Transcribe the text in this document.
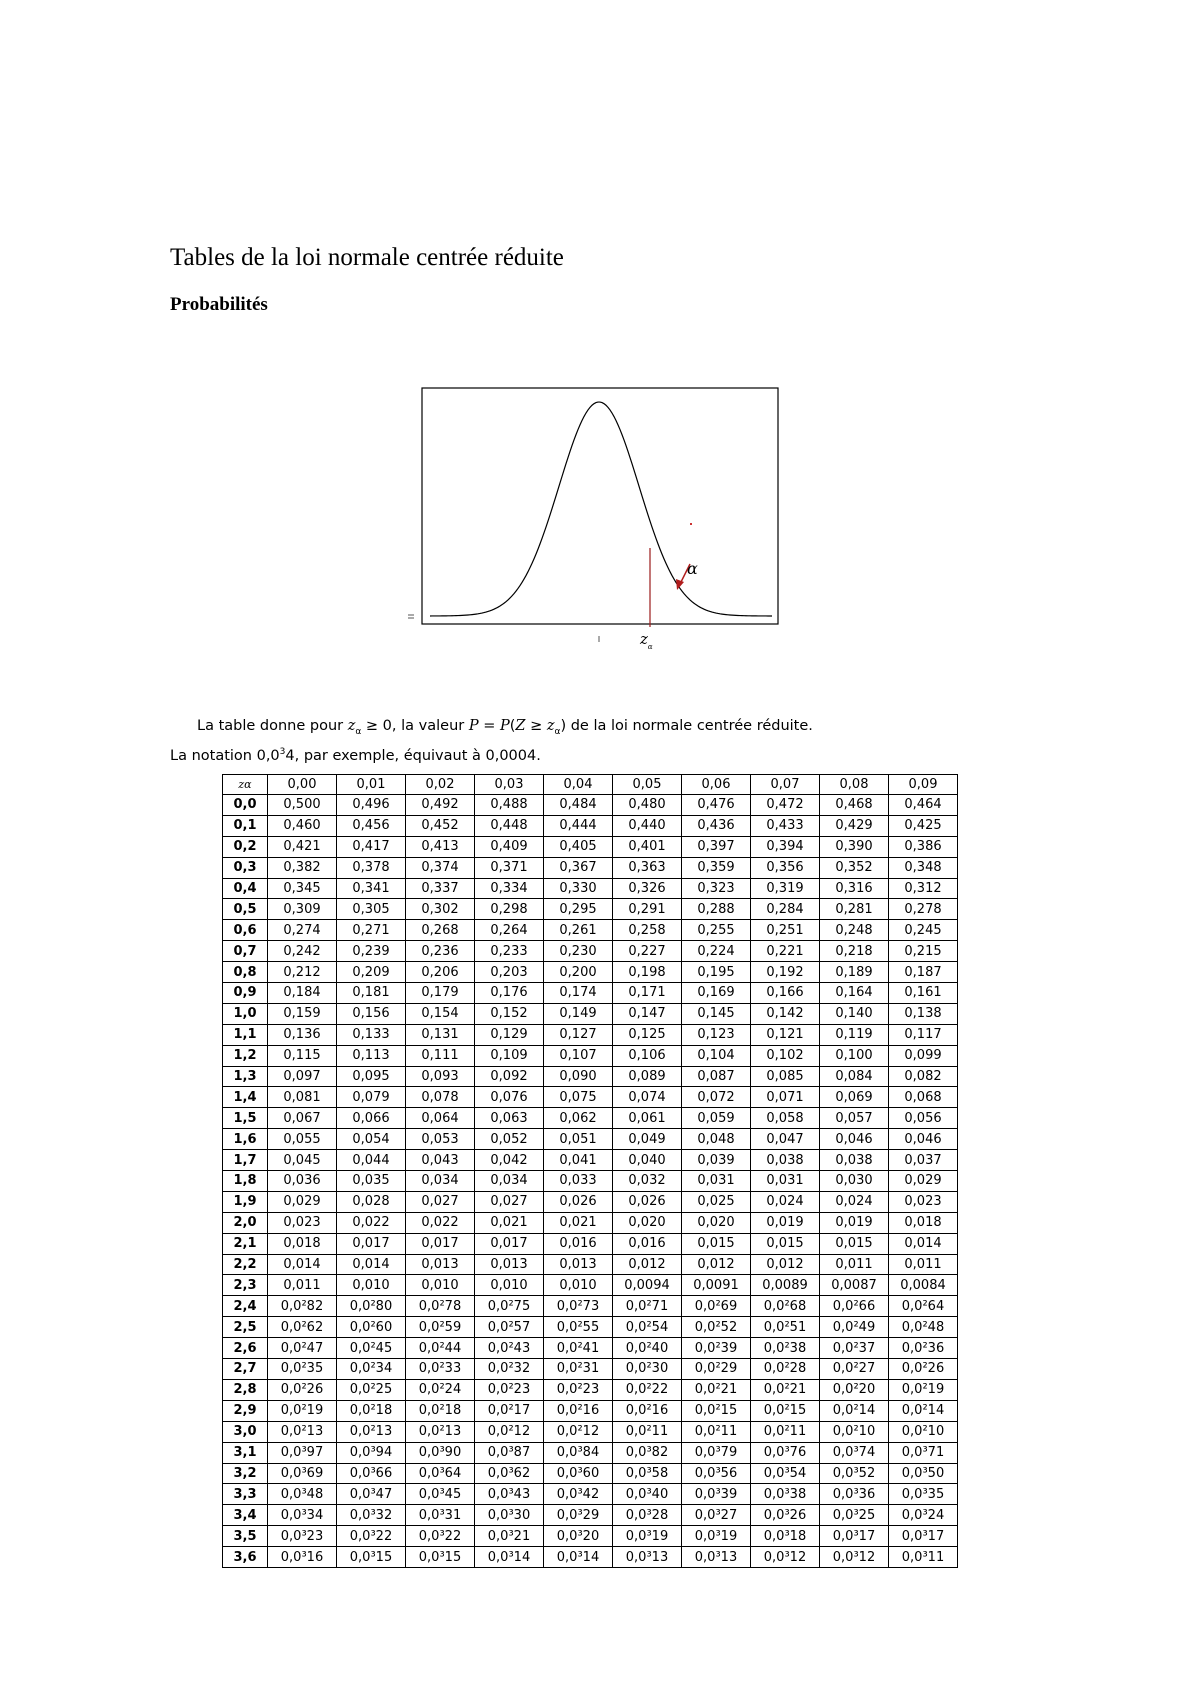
Tables de la loi normale centrée réduite
Probabilités
α
$z_\alpha$
La table donne pour $z_\alpha \ge 0$, la valeur $P = P(Z \ge z_\alpha)$ de la loi normale centrée réduite.
La notation $0,0^34$, par exemple, équivaut à 0,0004.
zα	0,00	0,01	0,02	0,03	0,04	0,05	0,06	0,07	0,08	0,09
0,0	0,500	0,496	0,492	0,488	0,484	0,480	0,476	0,472	0,468	0,464
0,1	0,460	0,456	0,452	0,448	0,444	0,440	0,436	0,433	0,429	0,425
0,2	0,421	0,417	0,413	0,409	0,405	0,401	0,397	0,394	0,390	0,386
0,3	0,382	0,378	0,374	0,371	0,367	0,363	0,359	0,356	0,352	0,348
0,4	0,345	0,341	0,337	0,334	0,330	0,326	0,323	0,319	0,316	0,312
0,5	0,309	0,305	0,302	0,298	0,295	0,291	0,288	0,284	0,281	0,278
0,6	0,274	0,271	0,268	0,264	0,261	0,258	0,255	0,251	0,248	0,245
0,7	0,242	0,239	0,236	0,233	0,230	0,227	0,224	0,221	0,218	0,215
0,8	0,212	0,209	0,206	0,203	0,200	0,198	0,195	0,192	0,189	0,187
0,9	0,184	0,181	0,179	0,176	0,174	0,171	0,169	0,166	0,164	0,161
1,0	0,159	0,156	0,154	0,152	0,149	0,147	0,145	0,142	0,140	0,138
1,1	0,136	0,133	0,131	0,129	0,127	0,125	0,123	0,121	0,119	0,117
1,2	0,115	0,113	0,111	0,109	0,107	0,106	0,104	0,102	0,100	0,099
1,3	0,097	0,095	0,093	0,092	0,090	0,089	0,087	0,085	0,084	0,082
1,4	0,081	0,079	0,078	0,076	0,075	0,074	0,072	0,071	0,069	0,068
1,5	0,067	0,066	0,064	0,063	0,062	0,061	0,059	0,058	0,057	0,056
1,6	0,055	0,054	0,053	0,052	0,051	0,049	0,048	0,047	0,046	0,046
1,7	0,045	0,044	0,043	0,042	0,041	0,040	0,039	0,038	0,038	0,037
1,8	0,036	0,035	0,034	0,034	0,033	0,032	0,031	0,031	0,030	0,029
1,9	0,029	0,028	0,027	0,027	0,026	0,026	0,025	0,024	0,024	0,023
2,0	0,023	0,022	0,022	0,021	0,021	0,020	0,020	0,019	0,019	0,018
2,1	0,018	0,017	0,017	0,017	0,016	0,016	0,015	0,015	0,015	0,014
2,2	0,014	0,014	0,013	0,013	0,013	0,012	0,012	0,012	0,011	0,011
2,3	0,011	0,010	0,010	0,010	0,010	0,0094	0,0091	0,0089	0,0087	0,0084
2,4	0,0²82	0,0²80	0,0²78	0,0²75	0,0²73	0,0²71	0,0²69	0,0²68	0,0²66	0,0²64
2,5	0,0²62	0,0²60	0,0²59	0,0²57	0,0²55	0,0²54	0,0²52	0,0²51	0,0²49	0,0²48
2,6	0,0²47	0,0²45	0,0²44	0,0²43	0,0²41	0,0²40	0,0²39	0,0²38	0,0²37	0,0²36
2,7	0,0²35	0,0²34	0,0²33	0,0²32	0,0²31	0,0²30	0,0²29	0,0²28	0,0²27	0,0²26
2,8	0,0²26	0,0²25	0,0²24	0,0²23	0,0²23	0,0²22	0,0²21	0,0²21	0,0²20	0,0²19
2,9	0,0²19	0,0²18	0,0²18	0,0²17	0,0²16	0,0²16	0,0²15	0,0²15	0,0²14	0,0²14
3,0	0,0²13	0,0²13	0,0²13	0,0²12	0,0²12	0,0²11	0,0²11	0,0²11	0,0²10	0,0²10
3,1	0,0³97	0,0³94	0,0³90	0,0³87	0,0³84	0,0³82	0,0³79	0,0³76	0,0³74	0,0³71
3,2	0,0³69	0,0³66	0,0³64	0,0³62	0,0³60	0,0³58	0,0³56	0,0³54	0,0³52	0,0³50
3,3	0,0³48	0,0³47	0,0³45	0,0³43	0,0³42	0,0³40	0,0³39	0,0³38	0,0³36	0,0³35
3,4	0,0³34	0,0³32	0,0³31	0,0³30	0,0³29	0,0³28	0,0³27	0,0³26	0,0³25	0,0³24
3,5	0,0³23	0,0³22	0,0³22	0,0³21	0,0³20	0,0³19	0,0³19	0,0³18	0,0³17	0,0³17
3,6	0,0³16	0,0³15	0,0³15	0,0³14	0,0³14	0,0³13	0,0³13	0,0³12	0,0³12	0,0³11
